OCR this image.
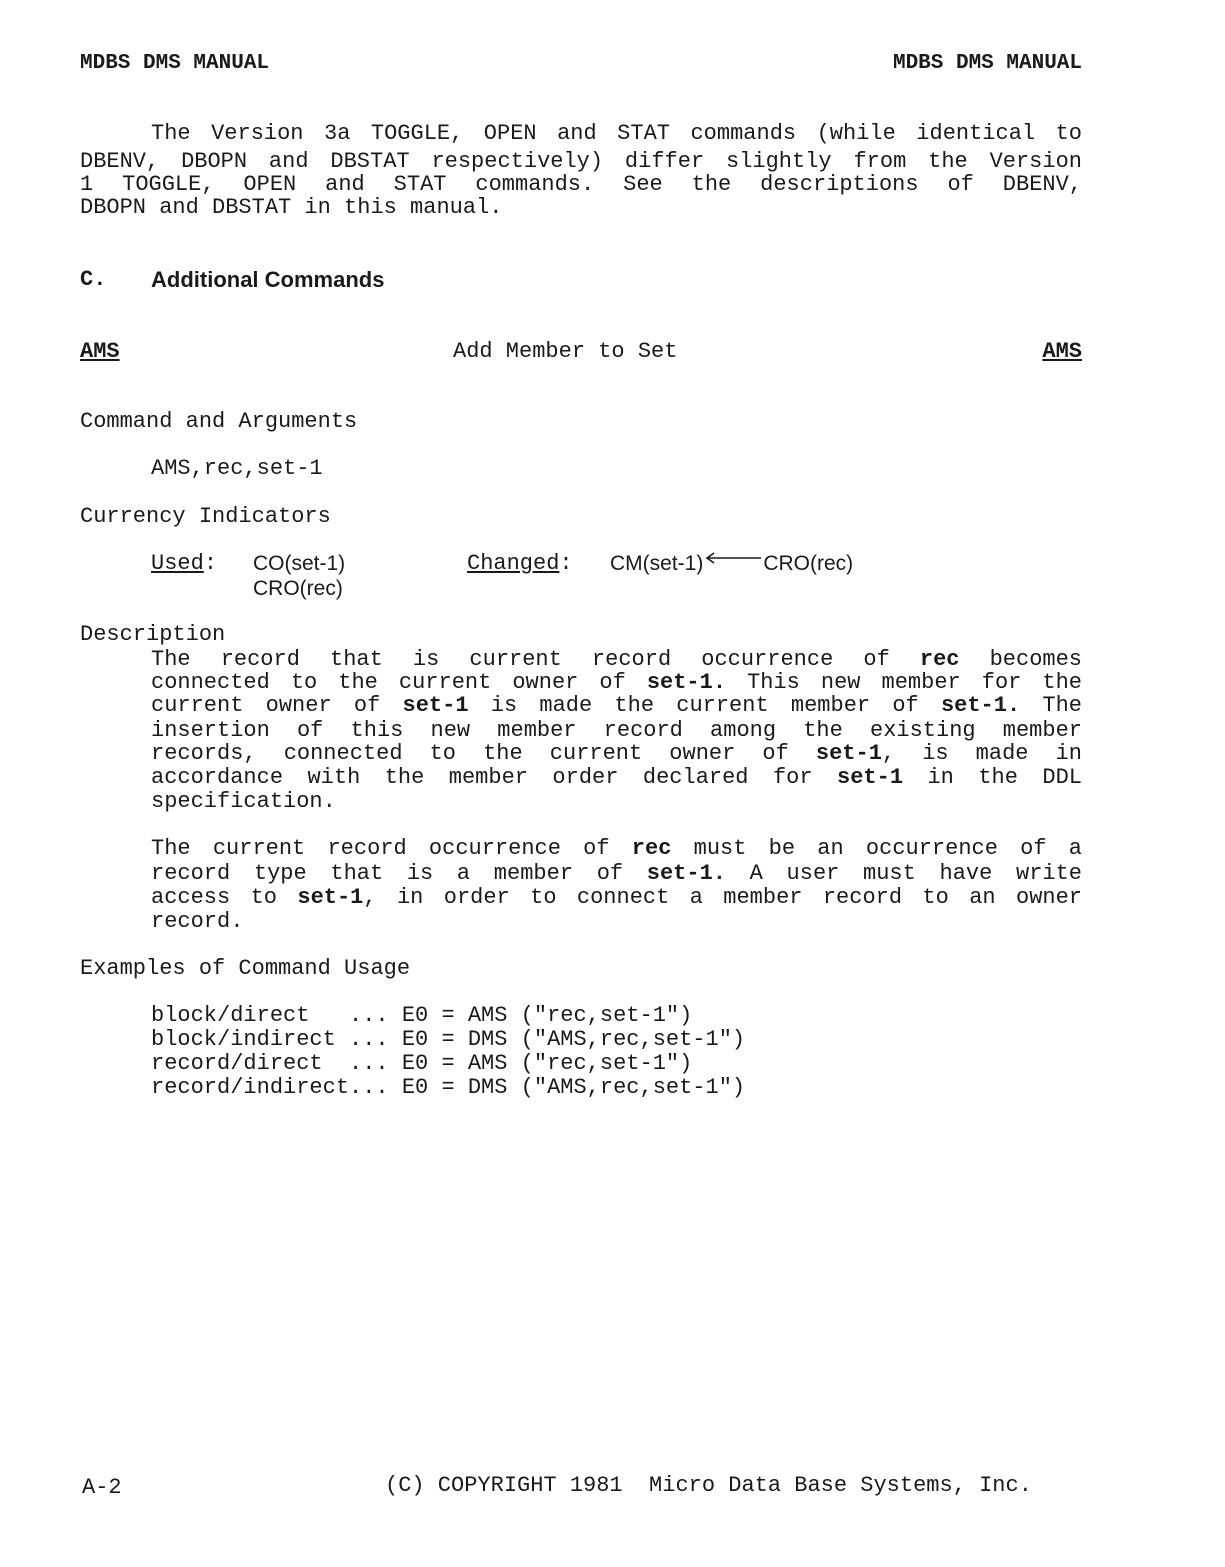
MDBS DMS MANUAL	MDBS DMS MANUAL
The Version 3a TOGGLE, OPEN and STAT commands (while identical to
DBENV, DBOPN and DBSTAT respectively) differ slightly from the Version
1 TOGGLE, OPEN and STAT commands. See the descriptions of DBENV,
DBOPN and DBSTAT in this manual.
C. Additional Commands
AMS	Add Member to Set	AMS
Command and Arguments
AMS,rec,set-1
Currency Indicators
Used: CO(set-1)
CRO(rec)
Changed: CM(set-1)	CRO(rec)
Description
The record that is current record occurrence of rec becomes
connected to the current owner of set-1. This new member for the
current owner of set-1 is made the current member of set-1. The
insertion of this new member record among the existing member
records, connected to the current owner of set-1, is made in
accordance with the member order declared for set-1 in the DDL
specification.
The current record occurrence of rec must be an occurrence of a
record type that is a member of set-1. A user must have write
access to set-1, in order to connect a member record to an owner
record.
Examples of Command Usage
block/direct   ... E0 = AMS ("rec,set-1")
block/indirect ... E0 = DMS ("AMS,rec,set-1")
record/direct  ... E0 = AMS ("rec,set-1")
record/indirect... E0 = DMS ("AMS,rec,set-1")
A-2	(C) COPYRIGHT 1981  Micro Data Base Systems, Inc.
